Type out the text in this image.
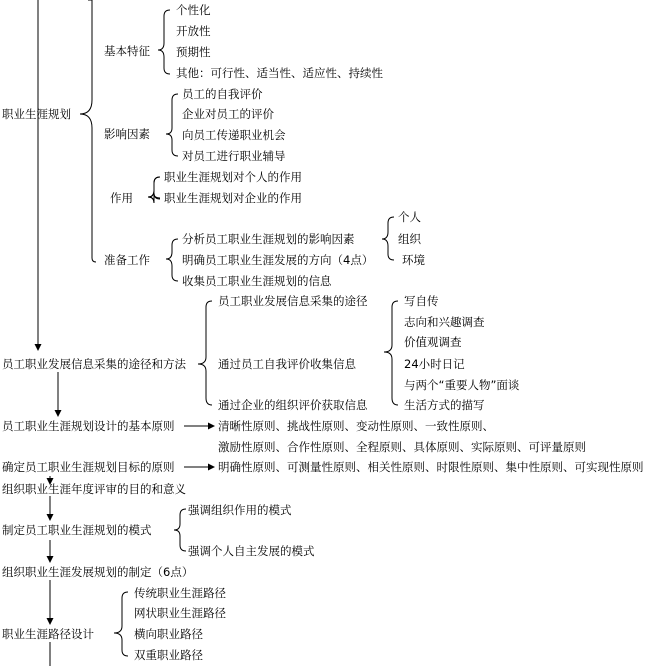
职业生涯规划
员工职业发展信息采集的途径和方法
员工职业生涯规划设计的基本原则
确定员工职业生涯规划目标的原则
组织职业生涯年度评审的目的和意义
制定员工职业生涯规划的模式
组织职业生涯发展规划的制定（6点）
职业生涯路径设计
基本特征
个性化
开放性
预期性
其他：可行性、适当性、适应性、持续性
影响因素
员工的自我评价
企业对员工的评价
向员工传递职业机会
对员工进行职业辅导
作用
职业生涯规划对个人的作用
职业生涯规划对企业的作用
准备工作
分析员工职业生涯规划的影响因素
明确员工职业生涯发展的方向（4点）
收集员工职业生涯规划的信息
个人
组织
环境
员工职业发展信息采集的途径
通过员工自我评价收集信息
通过企业的组织评价获取信息
写自传
志向和兴趣调查
价值观调查
24小时日记
与两个“重要人物”面谈
生活方式的描写
清晰性原则、挑战性原则、变动性原则、一致性原则、
激励性原则、合作性原则、全程原则、具体原则、实际原则、可评量原则
明确性原则、可测量性原则、相关性原则、时限性原则、集中性原则、可实现性原则
强调组织作用的模式
强调个人自主发展的模式
传统职业生涯路径
网状职业生涯路径
横向职业路径
双重职业路径
